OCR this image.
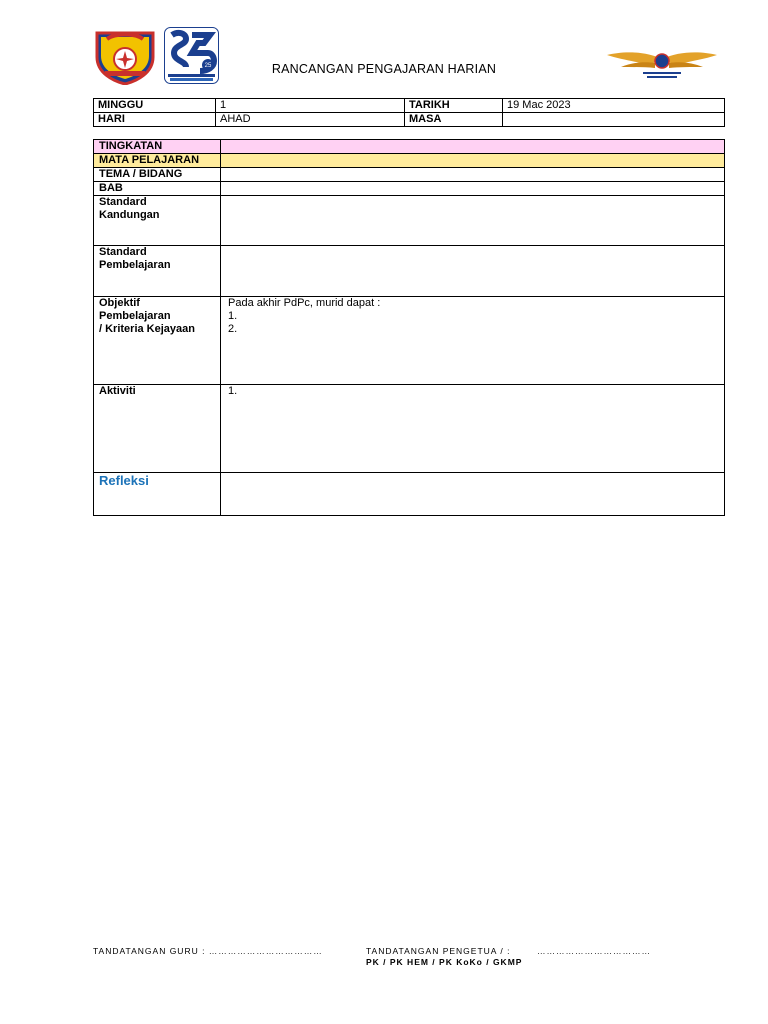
25	RANCANGAN PENGAJARAN HARIAN
MINGGU	1	TARIKH	19 Mac 2023
HARI	AHAD	MASA	
TINGKATAN	
MATA PELAJARAN	
TEMA / BIDANG	
BAB	

Standard
Kandungan	

Standard
Pembelajaran	

Objektif
Pembelajaran
/ Kriteria Kejayaan	Pada akhir PdPc, murid dapat :
1.
2.

Aktiviti	1.

Refleksi	
TANDATANGAN GURU : ………………………………	TANDATANGAN PENGETUA / :	………………………………
PK / PK HEM / PK KoKo / GKMP
